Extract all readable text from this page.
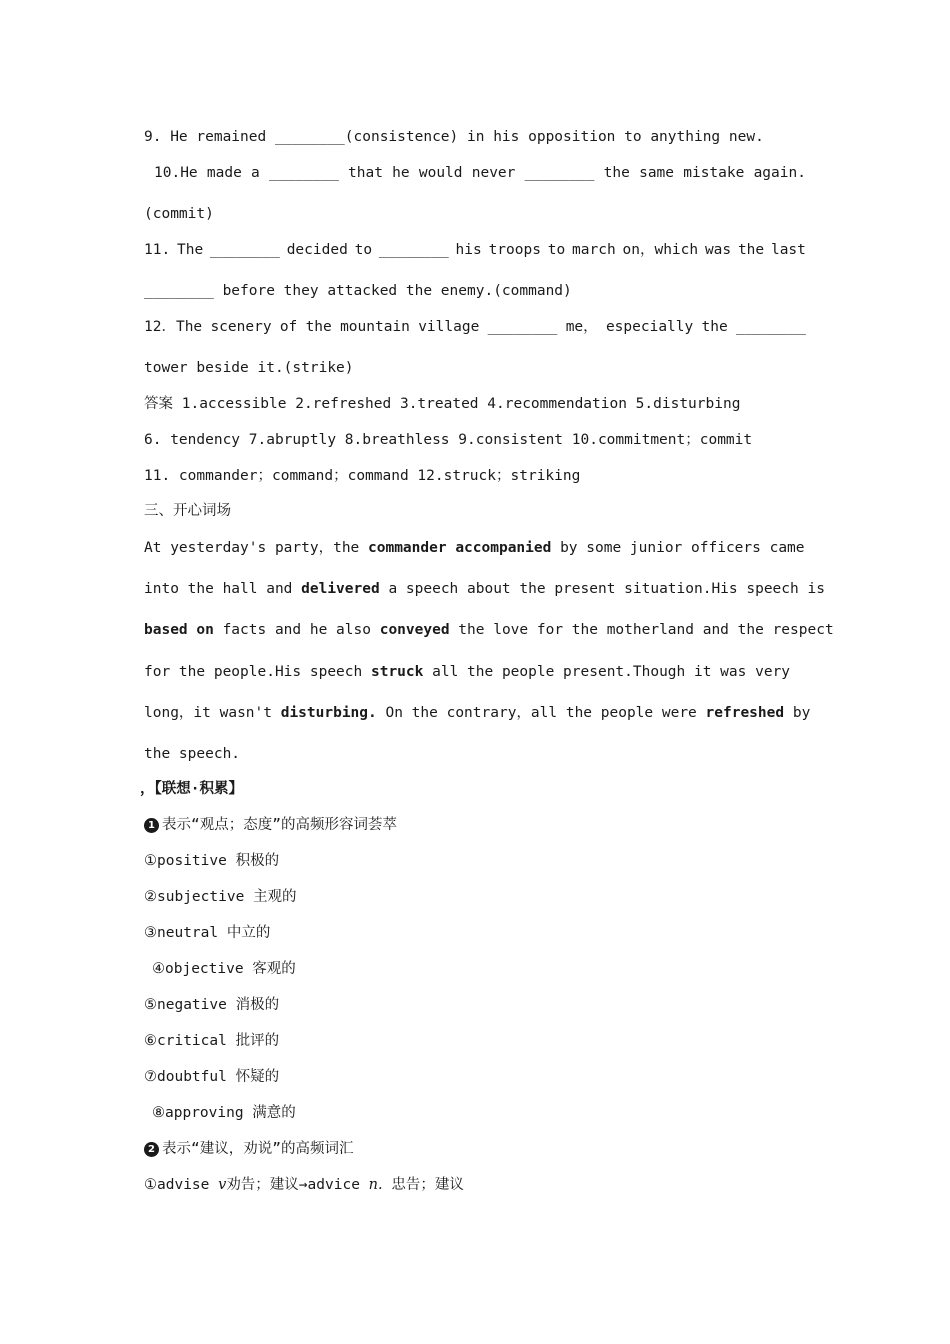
9. He remained ________(consistence) in his opposition to anything new.
10.He made a ________ that he would never ________ the same mistake again.
(commit)
11. The ________ decided to ________ his troops to march on，which was the last
________ before they attacked the enemy.(command)
12．The scenery of the mountain village ________ me， especially the ________
tower beside it.(strike)
答案 1.accessible 2.refreshed 3.treated 4.recommendation 5.disturbing
6. tendency 7.abruptly 8.breathless 9.consistent 10.commitment；commit
11. commander；command；command 12.struck；striking
三、开心词场
At yesterday's party，the commander accompanied by some junior officers came
into the hall and delivered a speech about the present situation.His speech is
based on facts and he also conveyed the love for the motherland and the respect
for the people.His speech struck all the people present.Though it was very
long，it wasn't disturbing. On the contrary，all the people were refreshed by
the speech.
，【联想·积累】
1 表示“观点；态度”的高频形容词荟萃
①positive 积极的
②subjective 主观的
③neutral 中立的
④objective 客观的
⑤negative 消极的
⑥critical 批评的
⑦doubtful 怀疑的
⑧approving 满意的
2 表示“建议，劝说”的高频词汇
①advise v劝告；建议→advice n. 忠告；建议
